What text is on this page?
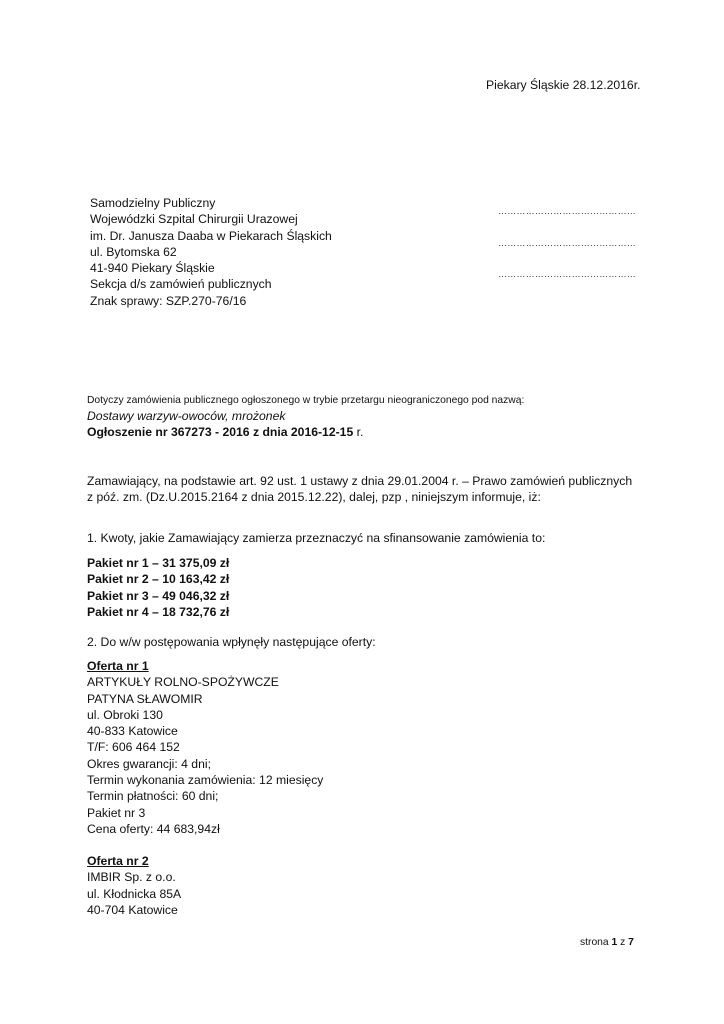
Piekary Śląskie 28.12.2016r.
Samodzielny Publiczny
Wojewódzki Szpital Chirurgii Urazowej
im. Dr. Janusza Daaba w Piekarach Śląskich
ul. Bytomska 62
41-940 Piekary Śląskie
Sekcja d/s zamówień publicznych
Znak sprawy: SZP.270-76/16
………………………………………
………………………………………
………………………………………
Dotyczy zamówienia publicznego ogłoszonego w trybie przetargu nieograniczonego pod nazwą:
Dostawy warzyw-owoców, mrożonek
Ogłoszenie nr 367273 - 2016 z dnia 2016-12-15 r.
Zamawiający, na podstawie art. 92 ust. 1 ustawy z dnia 29.01.2004 r. – Prawo zamówień publicznych
z póź. zm. (Dz.U.2015.2164 z dnia 2015.12.22), dalej, pzp , niniejszym informuje, iż:
1. Kwoty, jakie Zamawiający zamierza przeznaczyć na sfinansowanie zamówienia to:
Pakiet nr 1 – 31 375,09 zł
Pakiet nr 2 – 10 163,42 zł
Pakiet nr 3 – 49 046,32 zł
Pakiet nr 4 – 18 732,76 zł
2. Do w/w postępowania wpłynęły następujące oferty:
Oferta nr 1
ARTYKUŁY ROLNO-SPOŻYWCZE
PATYNA SŁAWOMIR
ul. Obroki 130
40-833 Katowice
T/F: 606 464 152
Okres gwarancji: 4 dni;
Termin wykonania zamówienia: 12 miesięcy
Termin płatności: 60 dni;
Pakiet nr 3
Cena oferty: 44 683,94zł
Oferta nr 2
IMBIR Sp. z o.o.
ul. Kłodnicka 85A
40-704 Katowice
strona 1 z 7
